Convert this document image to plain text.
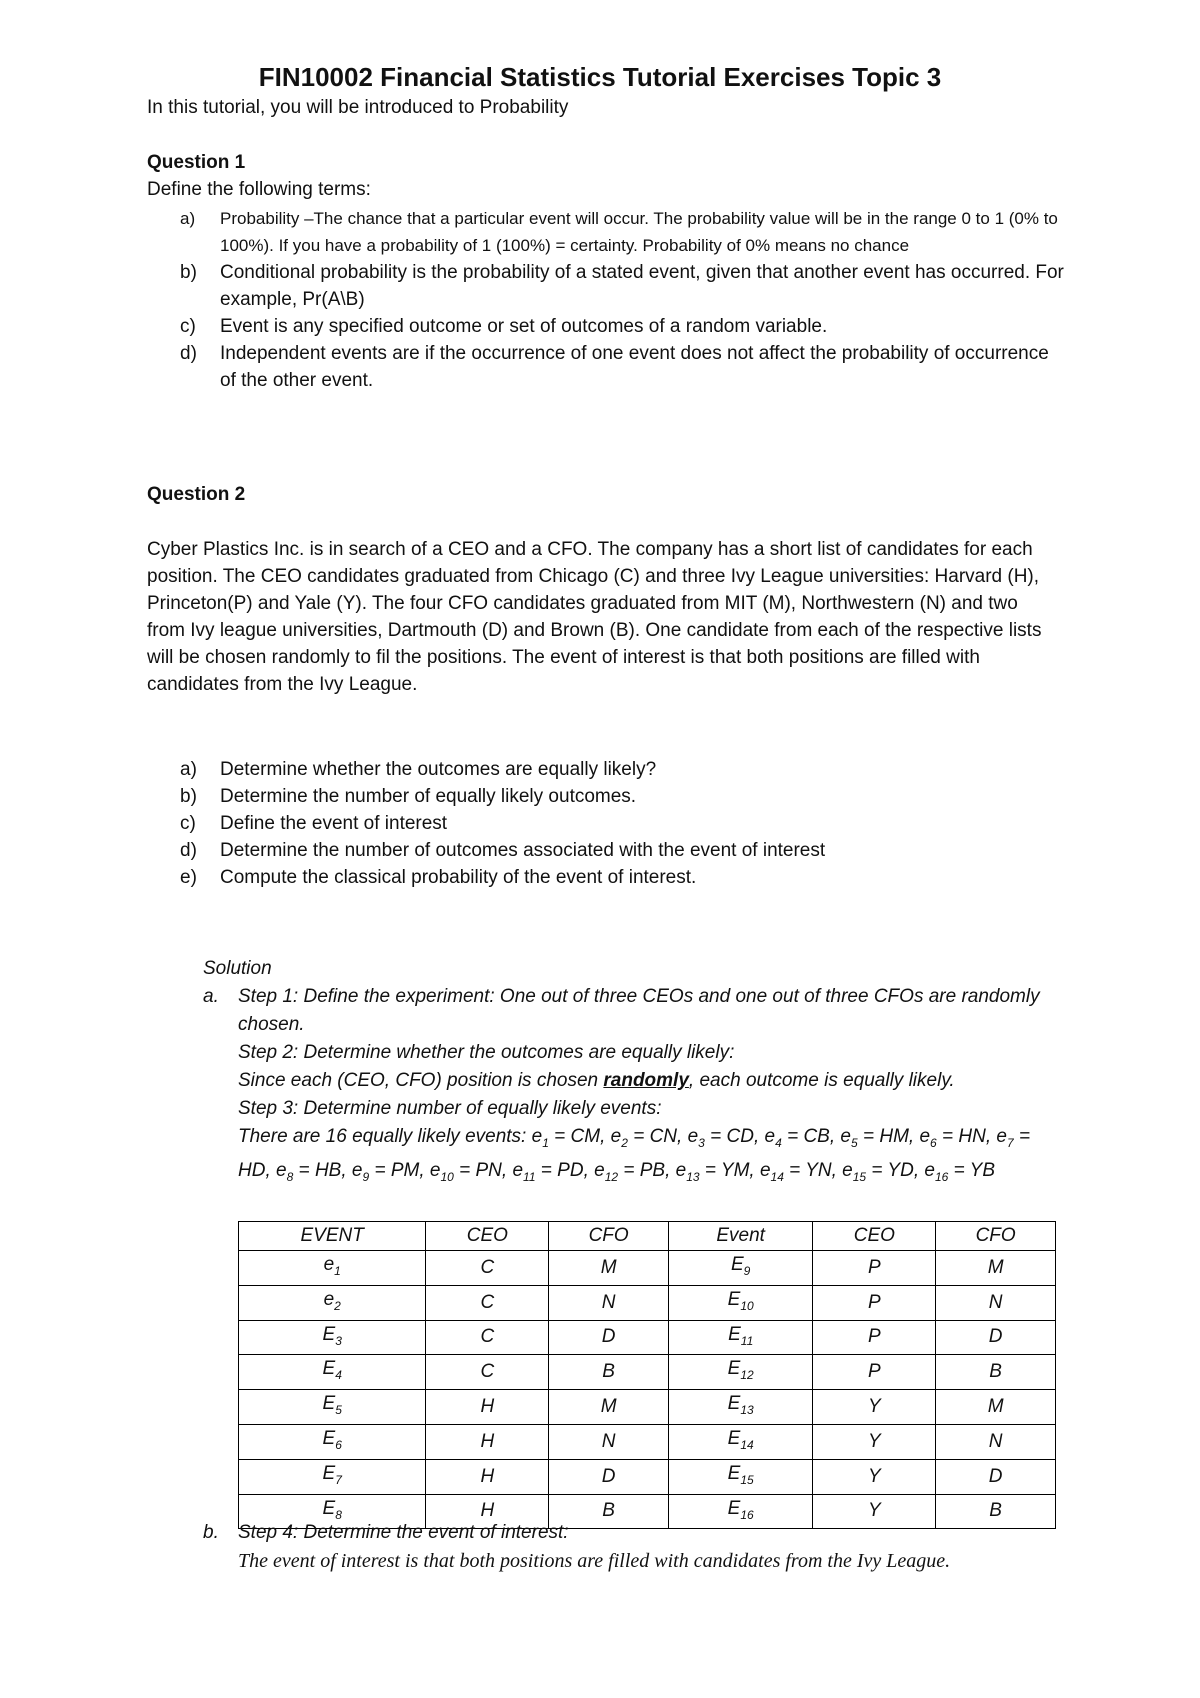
FIN10002 Financial Statistics Tutorial Exercises Topic 3
In this tutorial, you will be introduced to Probability
Question 1
Define the following terms:
a) Probability –The chance that a particular event will occur. The probability value will be in the range 0 to 1 (0% to 100%). If you have a probability of 1 (100%) = certainty. Probability of 0% means no chance
b) Conditional probability is the probability of a stated event, given that another event has occurred. For example, Pr(A\B)
c) Event is any specified outcome or set of outcomes of a random variable.
d) Independent events are if the occurrence of one event does not affect the probability of occurrence of the other event.
Question 2
Cyber Plastics Inc. is in search of a CEO and a CFO. The company has a short list of candidates for each position. The CEO candidates graduated from Chicago (C) and three Ivy League universities: Harvard (H), Princeton(P) and Yale (Y). The four CFO candidates graduated from MIT (M), Northwestern (N) and two from Ivy league universities, Dartmouth (D) and Brown (B). One candidate from each of the respective lists will be chosen randomly to fil the positions. The event of interest is that both positions are filled with candidates from the Ivy League.
a) Determine whether the outcomes are equally likely?
b) Determine the number of equally likely outcomes.
c) Define the event of interest
d) Determine the number of outcomes associated with the event of interest
e) Compute the classical probability of the event of interest.
Solution
a. Step 1: Define the experiment: One out of three CEOs and one out of three CFOs are randomly chosen.
Step 2: Determine whether the outcomes are equally likely:
Since each (CEO, CFO) position is chosen randomly, each outcome is equally likely.
Step 3: Determine number of equally likely events:
There are 16 equally likely events: $e_1$ = CM, $e_2$ = CN, $e_3$ = CD, $e_4$ = CB, $e_5$ = HM, $e_6$ = HN, $e_7$ = HD, $e_8$ = HB, $e_9$ = PM, $e_{10}$ = PN, $e_{11}$ = PD, $e_{12}$ = PB, $e_{13}$ = YM, $e_{14}$ = YN, $e_{15}$ = YD, $e_{16}$ = YB
EVENT	CEO	CFO	Event	CEO	CFO
$e_1$	C	M	$E_9$	P	M
$e_2$	C	N	$E_{10}$	P	N
$E_3$	C	D	$E_{11}$	P	D
$E_4$	C	B	$E_{12}$	P	B
$E_5$	H	M	$E_{13}$	Y	M
$E_6$	H	N	$E_{14}$	Y	N
$E_7$	H	D	$E_{15}$	Y	D
$E_8$	H	B	$E_{16}$	Y	B
b. Step 4: Determine the event of interest:
The event of interest is that both positions are filled with candidates from the Ivy League.
